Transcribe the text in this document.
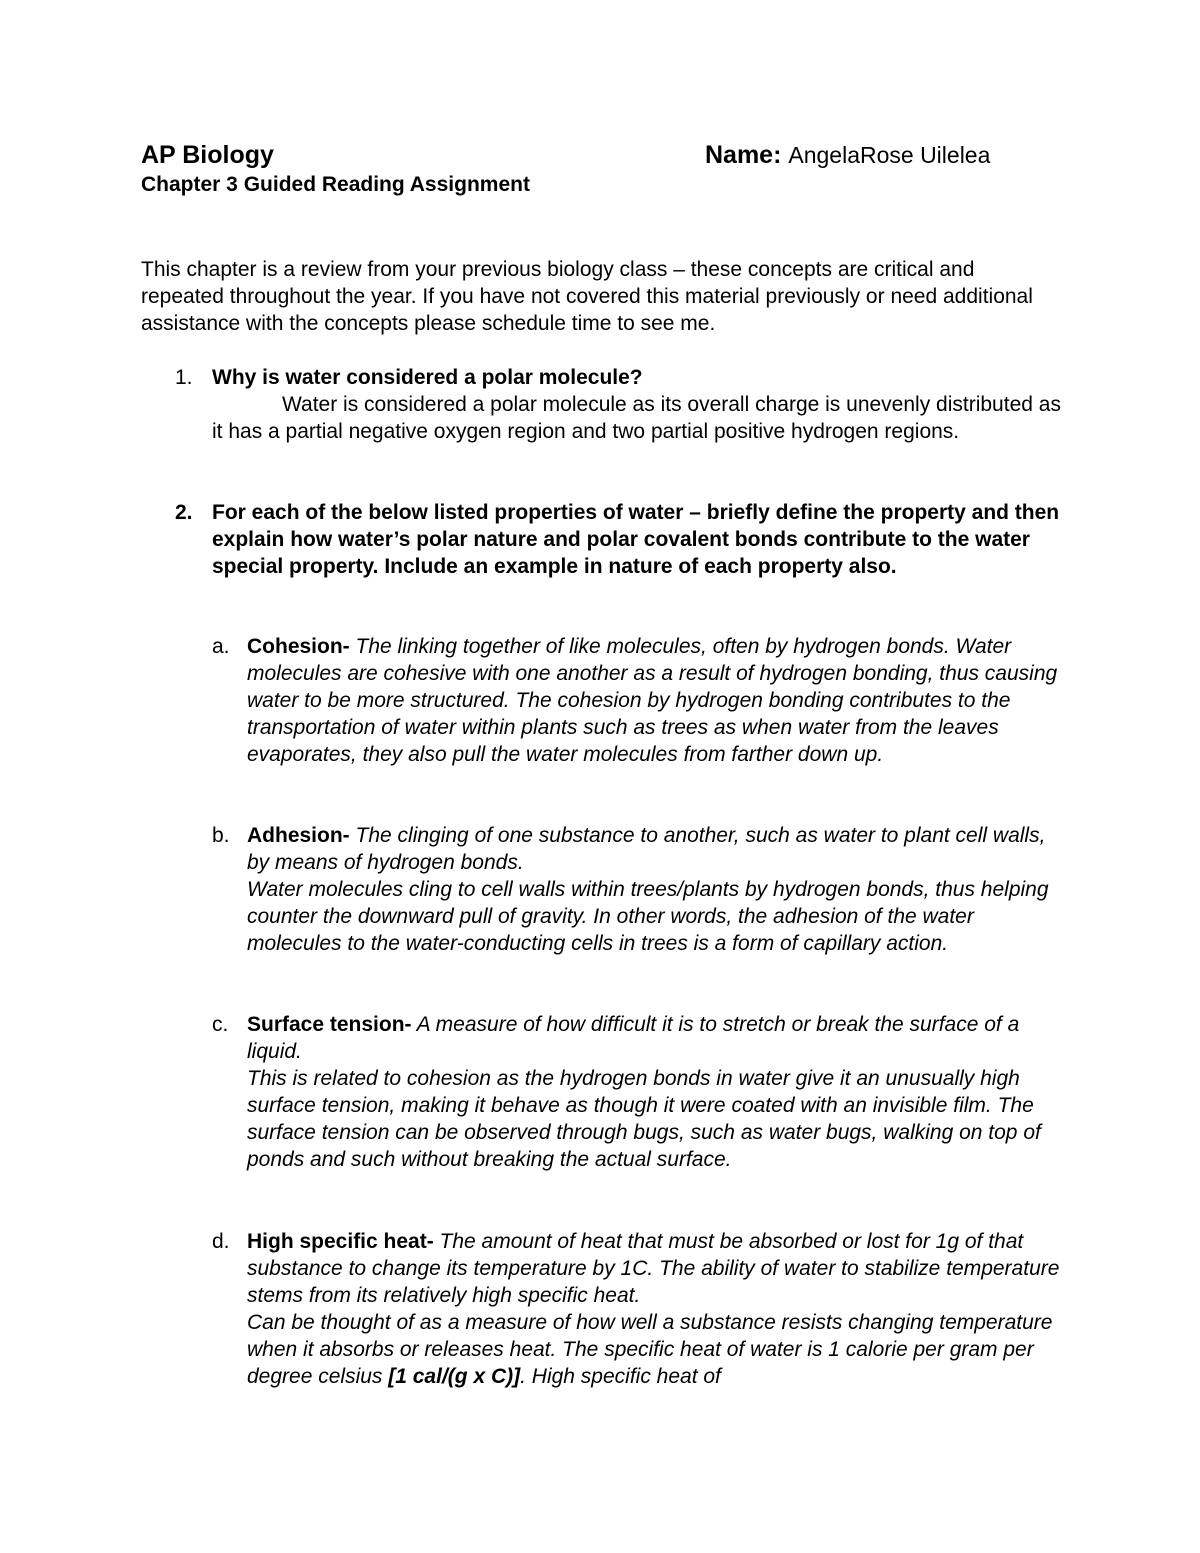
AP Biology	Name: AngelaRose Uilelea
Chapter 3 Guided Reading Assignment
This chapter is a review from your previous biology class – these concepts are critical and repeated throughout the year. If you have not covered this material previously or need additional assistance with the concepts please schedule time to see me.
1. Why is water considered a polar molecule?
Water is considered a polar molecule as its overall charge is unevenly distributed as it has a partial negative oxygen region and two partial positive hydrogen regions.
2. For each of the below listed properties of water – briefly define the property and then explain how water’s polar nature and polar covalent bonds contribute to the water special property. Include an example in nature of each property also.
a. Cohesion- The linking together of like molecules, often by hydrogen bonds. Water molecules are cohesive with one another as a result of hydrogen bonding, thus causing water to be more structured. The cohesion by hydrogen bonding contributes to the transportation of water within plants such as trees as when water from the leaves evaporates, they also pull the water molecules from farther down up.
b. Adhesion- The clinging of one substance to another, such as water to plant cell walls, by means of hydrogen bonds.
Water molecules cling to cell walls within trees/plants by hydrogen bonds, thus helping counter the downward pull of gravity. In other words, the adhesion of the water molecules to the water-conducting cells in trees is a form of capillary action.
c. Surface tension- A measure of how difficult it is to stretch or break the surface of a liquid.
This is related to cohesion as the hydrogen bonds in water give it an unusually high surface tension, making it behave as though it were coated with an invisible film. The surface tension can be observed through bugs, such as water bugs, walking on top of ponds and such without breaking the actual surface.
d. High specific heat- The amount of heat that must be absorbed or lost for 1g of that substance to change its temperature by 1C. The ability of water to stabilize temperature stems from its relatively high specific heat.
Can be thought of as a measure of how well a substance resists changing temperature when it absorbs or releases heat. The specific heat of water is 1 calorie per gram per degree celsius [1 cal/(g x C)]. High specific heat of
